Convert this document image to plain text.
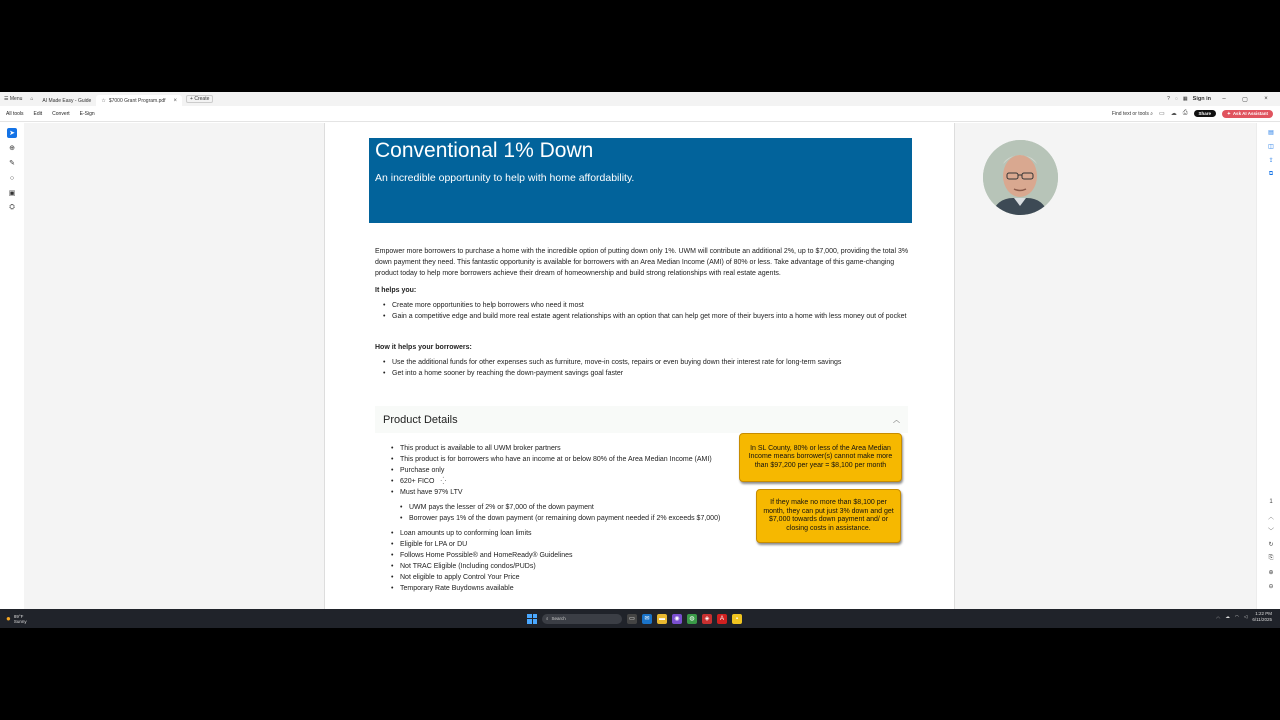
☰
Menu	⌂	AI Made Easy - Guide ☆ $7000 Grant Program.pdf ×	+
Create	? ◌ ▦ Sign in	–	▢	×
All tools Edit Convert E-Sign	Find text or tools ⌕ ▭ ☁ ⎙	Share	✦ Ask AI Assistant
➤
⊕
✎
○
▣
⛭
Conventional 1% Down

An incredible opportunity to help with home affordability.

Empower more borrowers to purchase a home with the incredible option of putting down only 1%. UWM will contribute an additional 2%, up to $7,000, providing the total 3% down payment they need. This fantastic opportunity is available for borrowers with an Area Median Income (AMI) of 80% or less. Take advantage of this game-changing product today to help more borrowers achieve their dream of homeownership and build strong relationships with real estate agents.
It helps you:
• Create more opportunities to help borrowers who need it most
• Gain a competitive edge and build more real estate agent relationships with an option that can help get more of their buyers into a home with less money out of pocket
How it helps your borrowers:
• Use the additional funds for other expenses such as furniture, move-in costs, repairs or even buying down their interest rate for long-term savings
• Get into a home sooner by reaching the down-payment savings goal faster
Product Details	︿
• This product is available to all UWM broker partners
• This product is for borrowers who have an income at or below 80% of the Area Median Income (AMI)
• Purchase only
• 620+ FICO ⁛
• Must have 97% LTV
• UWM pays the lesser of 2% or $7,000 of the down payment
• Borrower pays 1% of the down payment (or remaining down payment needed if 2% exceeds $7,000)
• Loan amounts up to conforming loan limits
• Eligible for LPA or DU
• Follows Home Possible® and HomeReady® Guidelines
• Not TRAC Eligible (Including condos/PUDs)
• Not eligible to apply Control Your Price
• Temporary Rate Buydowns available
In SL County, 80% or less of the Area Median Income means borrower(s) cannot make more than $97,200 per year = $8,100 per month
If they make no more than $8,100 per month, they can put just 3% down and get $7,000 towards down payment and/ or closing costs in assistance.
▤
◫
⇪
⧉
1
︿
﹀
↻
⎘
⊕
⊖
● 89°F
Sunny	⌕ Search	▭	✉	▬	◉	◍	◈	A	▪	︿ ☁ ◠ ◁
1:22 PM
6/11/2025
